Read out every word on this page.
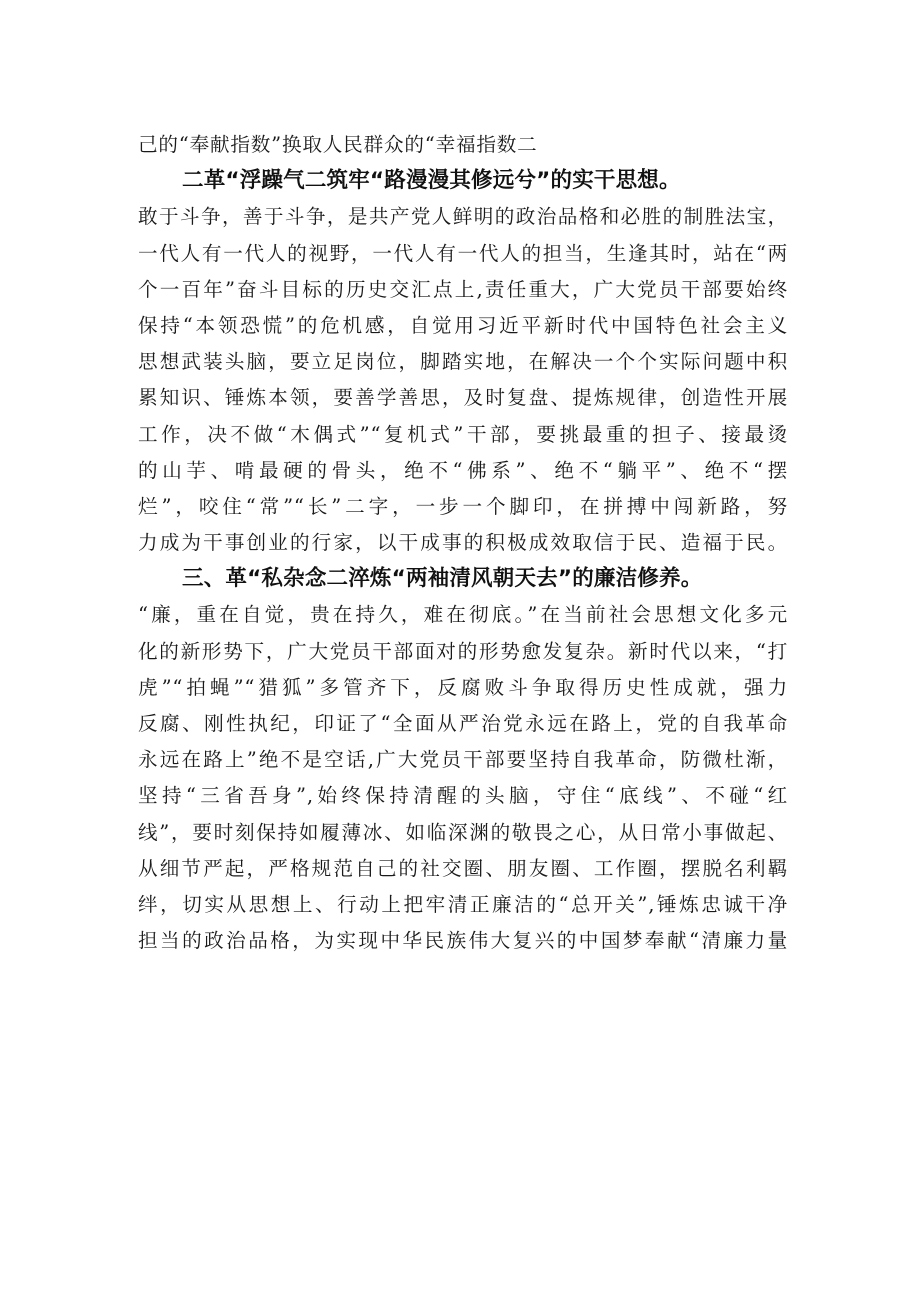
己的“奉献指数”换取人民群众的“幸福指数二
二革“浮躁气二筑牢“路漫漫其修远兮”的实干思想。
敢于斗争，善于斗争，是共产党人鲜明的政治品格和必胜的制胜法宝，
一代人有一代人的视野，一代人有一代人的担当，生逢其时，站在“两
个一百年”奋斗目标的历史交汇点上,责任重大，广大党员干部要始终
保持“本领恐慌”的危机感，自觉用习近平新时代中国特色社会主义
思想武装头脑，要立足岗位，脚踏实地，在解决一个个实际问题中积
累知识、锤炼本领，要善学善思，及时复盘、提炼规律，创造性开展
工作，决不做“木偶式”“复机式”干部，要挑最重的担子、接最烫
的山芋、啃最硬的骨头，绝不“佛系”、绝不“躺平”、绝不“摆
烂”，咬住“常”“长”二字，一步一个脚印，在拼搏中闯新路，努
力成为干事创业的行家，以干成事的积极成效取信于民、造福于民。
三、革“私杂念二淬炼“两袖清风朝天去”的廉洁修养。
“廉，重在自觉，贵在持久，难在彻底。”在当前社会思想文化多元
化的新形势下，广大党员干部面对的形势愈发复杂。新时代以来，“打
虎”“拍蝇”“猎狐”多管齐下，反腐败斗争取得历史性成就，强力
反腐、刚性执纪，印证了“全面从严治党永远在路上，党的自我革命
永远在路上”绝不是空话,广大党员干部要坚持自我革命，防微杜渐，
坚持“三省吾身”,始终保持清醒的头脑，守住“底线”、不碰“红
线”，要时刻保持如履薄冰、如临深渊的敬畏之心，从日常小事做起、
从细节严起，严格规范自己的社交圈、朋友圈、工作圈，摆脱名利羁
绊，切实从思想上、行动上把牢清正廉洁的“总开关”,锤炼忠诚干净
担当的政治品格，为实现中华民族伟大复兴的中国梦奉献“清廉力量
